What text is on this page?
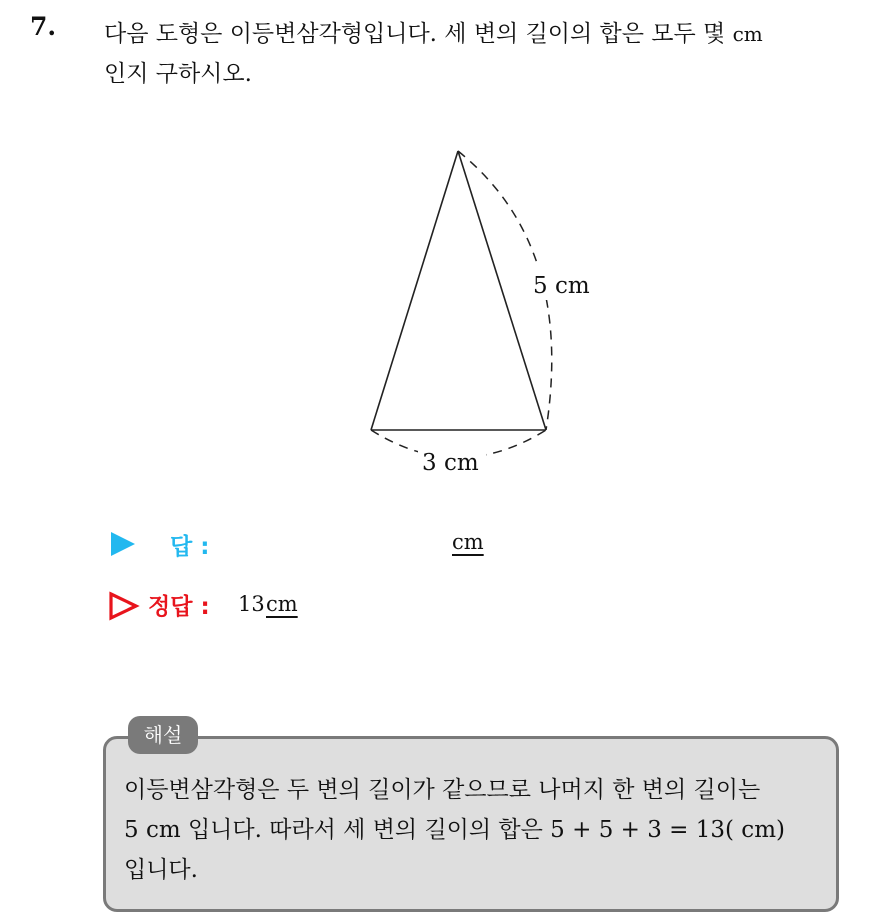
7. 다음 도형은 이등변삼각형입니다. 세 변의 길이의 합은 모두 몇 cm
인지 구하시오.
5 cm
3 cm
답 :	cm
정답 : 13 cm
해설
이등변삼각형은 두 변의 길이가 같으므로 나머지 한 변의 길이는
5 cm 입니다. 따라서 세 변의 길이의 합은 5 + 5 + 3 = 13( cm)
입니다.
